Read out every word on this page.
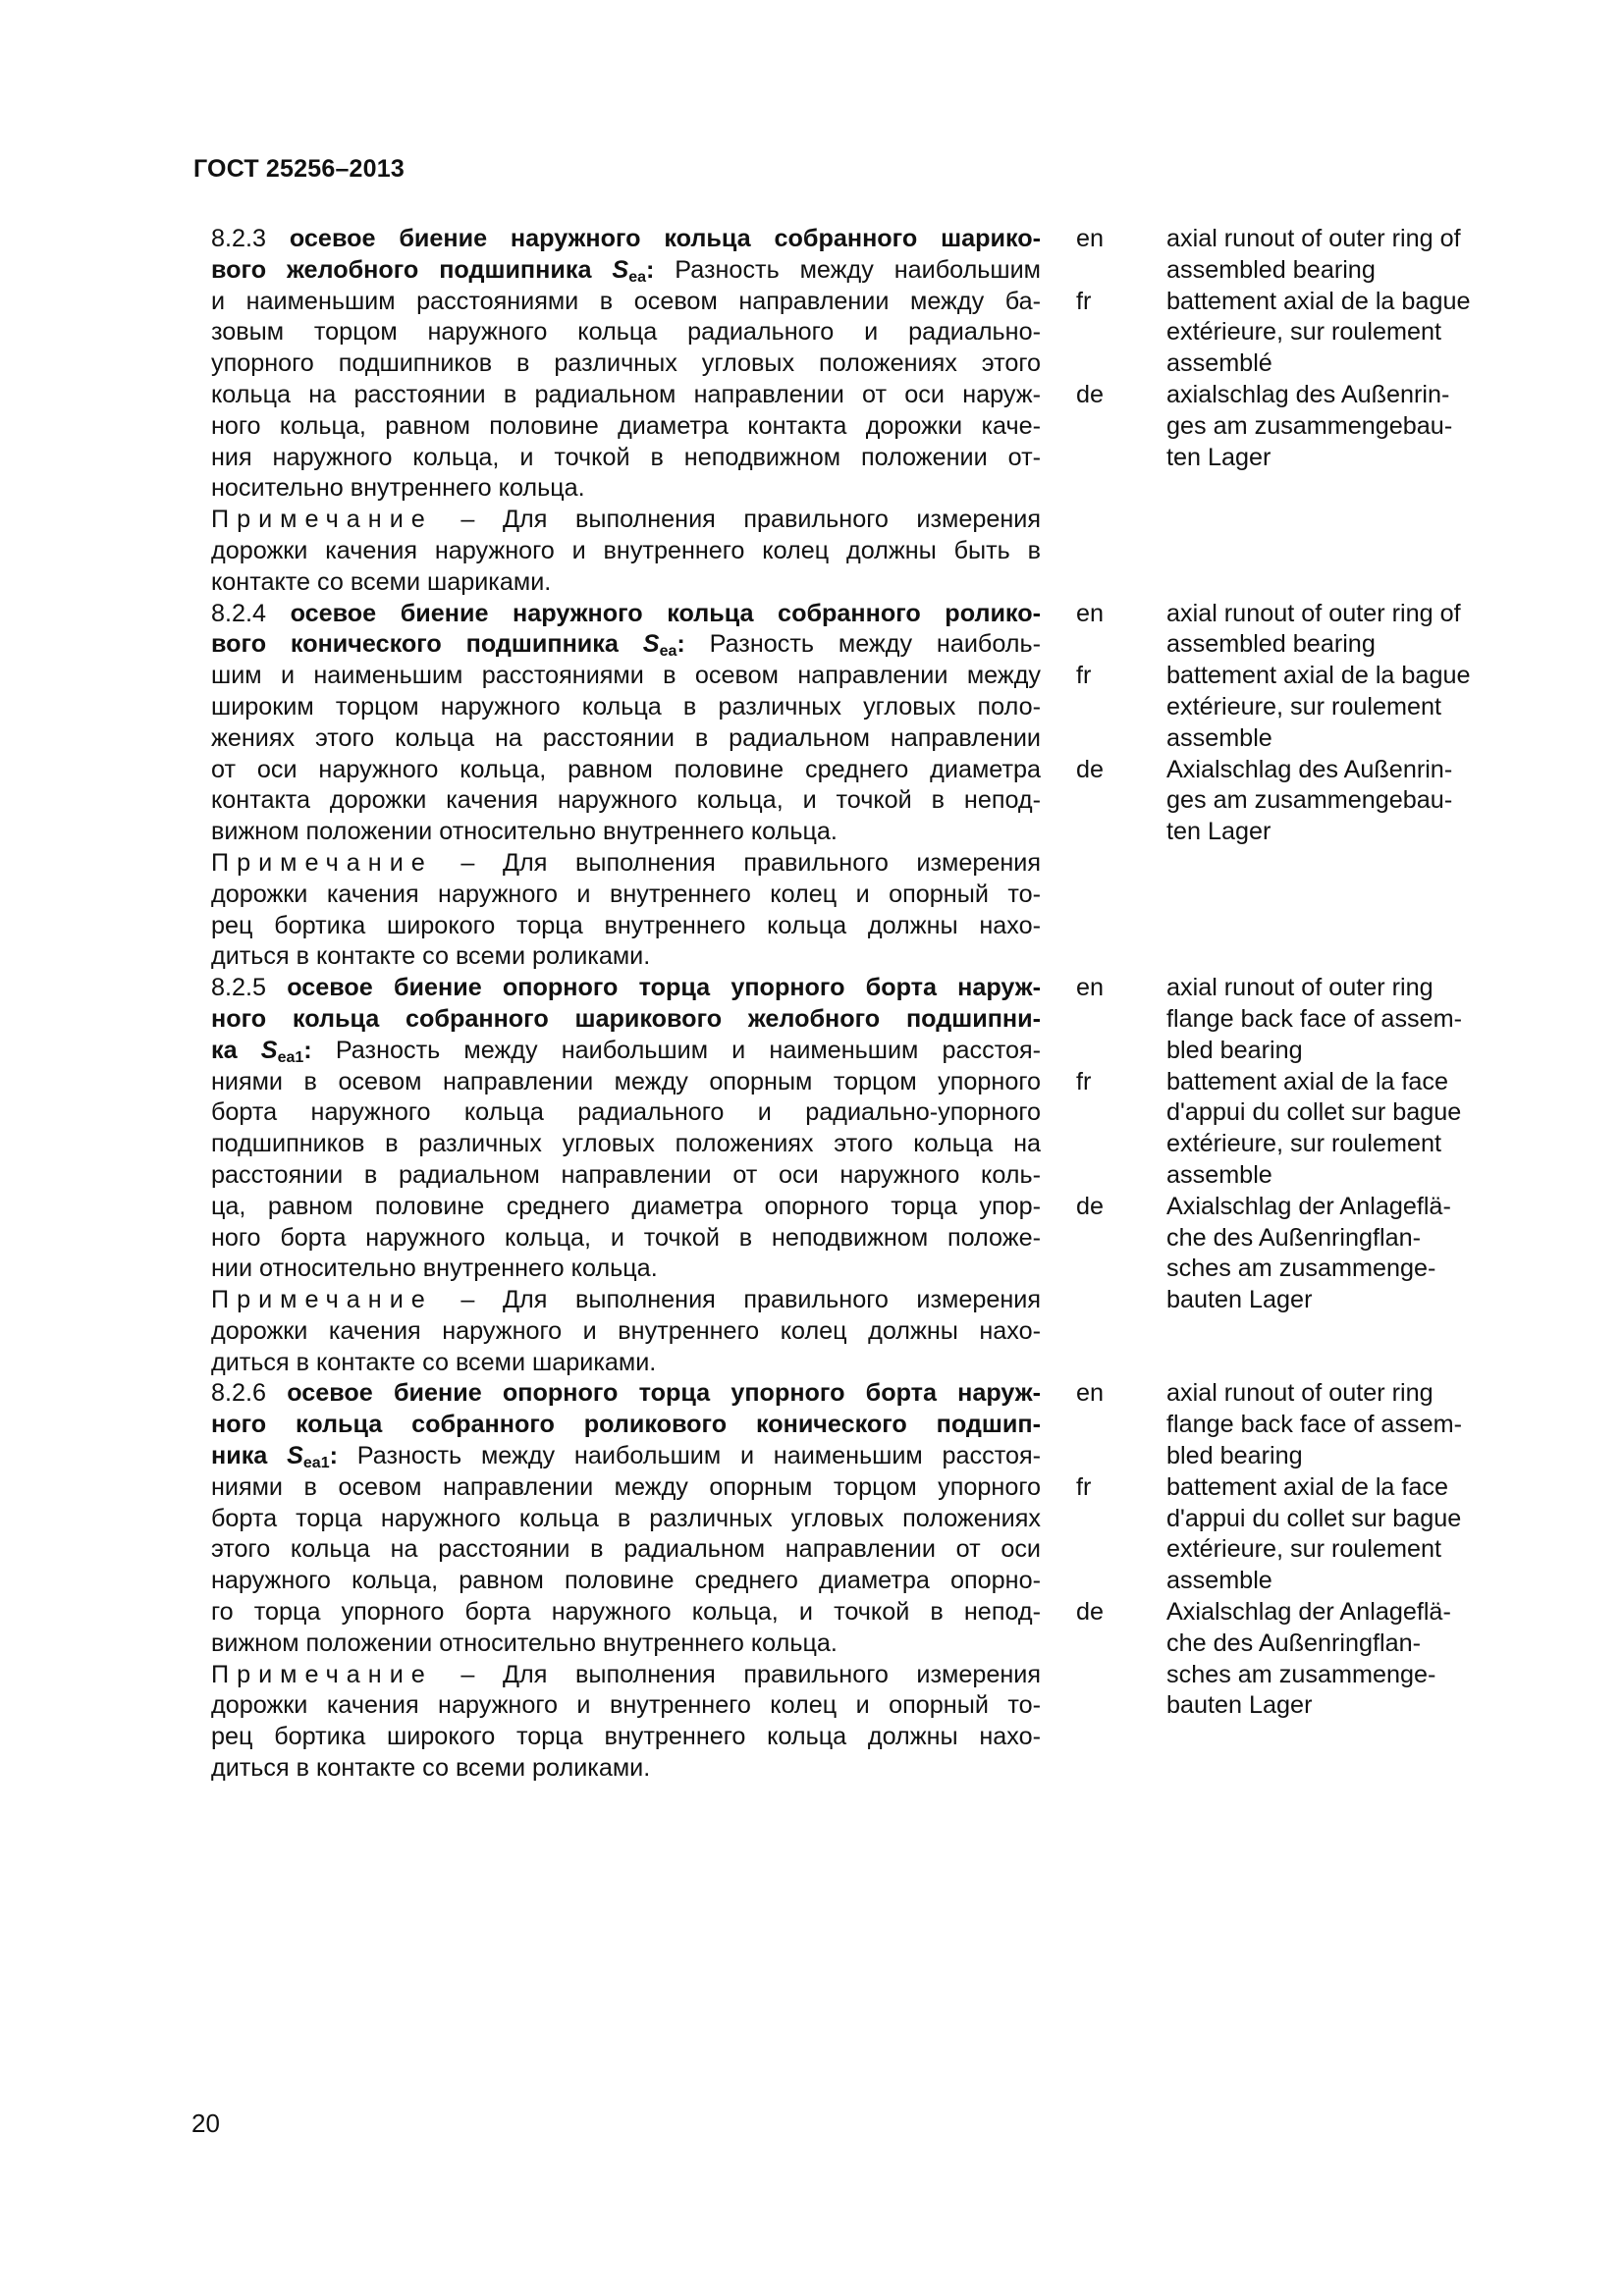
ГОСТ 25256–2013
8.2.3 осевое биение наружного кольца собранного шарико-
вого желобного подшипника $S_{ea}$: Разность между наибольшим
и наименьшим расстояниями в осевом направлении между ба-
зовым торцом наружного кольца радиального и радиально-
упорного подшипников в различных угловых положениях этого
кольца на расстоянии в радиальном направлении от оси наруж-
ного кольца, равном половине диаметра контакта дорожки каче-
ния наружного кольца, и точкой в неподвижном положении от-
носительно внутреннего кольца.
Примечание – Для выполнения правильного измерения
дорожки качения наружного и внутреннего колец должны быть в
контакте со всеми шариками.
en
fr
de
axial runout of outer ring of
assembled bearing
battement axial de la bague
extérieure, sur roulement
assemblé
axialschlag des Außenrin-
ges am zusammengebau-
ten Lager
8.2.4 осевое биение наружного кольца собранного ролико-
вого конического подшипника $S_{ea}$: Разность между наиболь-
шим и наименьшим расстояниями в осевом направлении между
широким торцом наружного кольца в различных угловых поло-
жениях этого кольца на расстоянии в радиальном направлении
от оси наружного кольца, равном половине среднего диаметра
контакта дорожки качения наружного кольца, и точкой в непод-
вижном положении относительно внутреннего кольца.
Примечание – Для выполнения правильного измерения
дорожки качения наружного и внутреннего колец и опорный то-
рец бортика широкого торца внутреннего кольца должны нахо-
диться в контакте со всеми роликами.
en
fr
de
axial runout of outer ring of
assembled bearing
battement axial de la bague
extérieure, sur roulement
assemble
Axialschlag des Außenrin-
ges am zusammengebau-
ten Lager
8.2.5 осевое биение опорного торца упорного борта наруж-
ного кольца собранного шарикового желобного подшипни-
ка $S_{ea1}$: Разность между наибольшим и наименьшим расстоя-
ниями в осевом направлении между опорным торцом упорного
борта наружного кольца радиального и радиально-упорного
подшипников в различных угловых положениях этого кольца на
расстоянии в радиальном направлении от оси наружного коль-
ца, равном половине среднего диаметра опорного торца упор-
ного борта наружного кольца, и точкой в неподвижном положе-
нии относительно внутреннего кольца.
Примечание – Для выполнения правильного измерения
дорожки качения наружного и внутреннего колец должны нахо-
диться в контакте со всеми шариками.
en
fr
de
axial runout of outer ring
flange back face of assem-
bled bearing
battement axial de la face
d'appui du collet sur bague
extérieure, sur roulement
assemble
Axialschlag der Anlageflä-
che des Außenringflan-
sches am zusammenge-
bauten Lager
8.2.6 осевое биение опорного торца упорного борта наруж-
ного кольца собранного роликового конического подшип-
ника $S_{ea1}$: Разность между наибольшим и наименьшим расстоя-
ниями в осевом направлении между опорным торцом упорного
борта торца наружного кольца в различных угловых положениях
этого кольца на расстоянии в радиальном направлении от оси
наружного кольца, равном половине среднего диаметра опорно-
го торца упорного борта наружного кольца, и точкой в непод-
вижном положении относительно внутреннего кольца.
Примечание – Для выполнения правильного измерения
дорожки качения наружного и внутреннего колец и опорный то-
рец бортика широкого торца внутреннего кольца должны нахо-
диться в контакте со всеми роликами.
en
fr
de
axial runout of outer ring
flange back face of assem-
bled bearing
battement axial de la face
d'appui du collet sur bague
extérieure, sur roulement
assemble
Axialschlag der Anlageflä-
che des Außenringflan-
sches am zusammenge-
bauten Lager
20
